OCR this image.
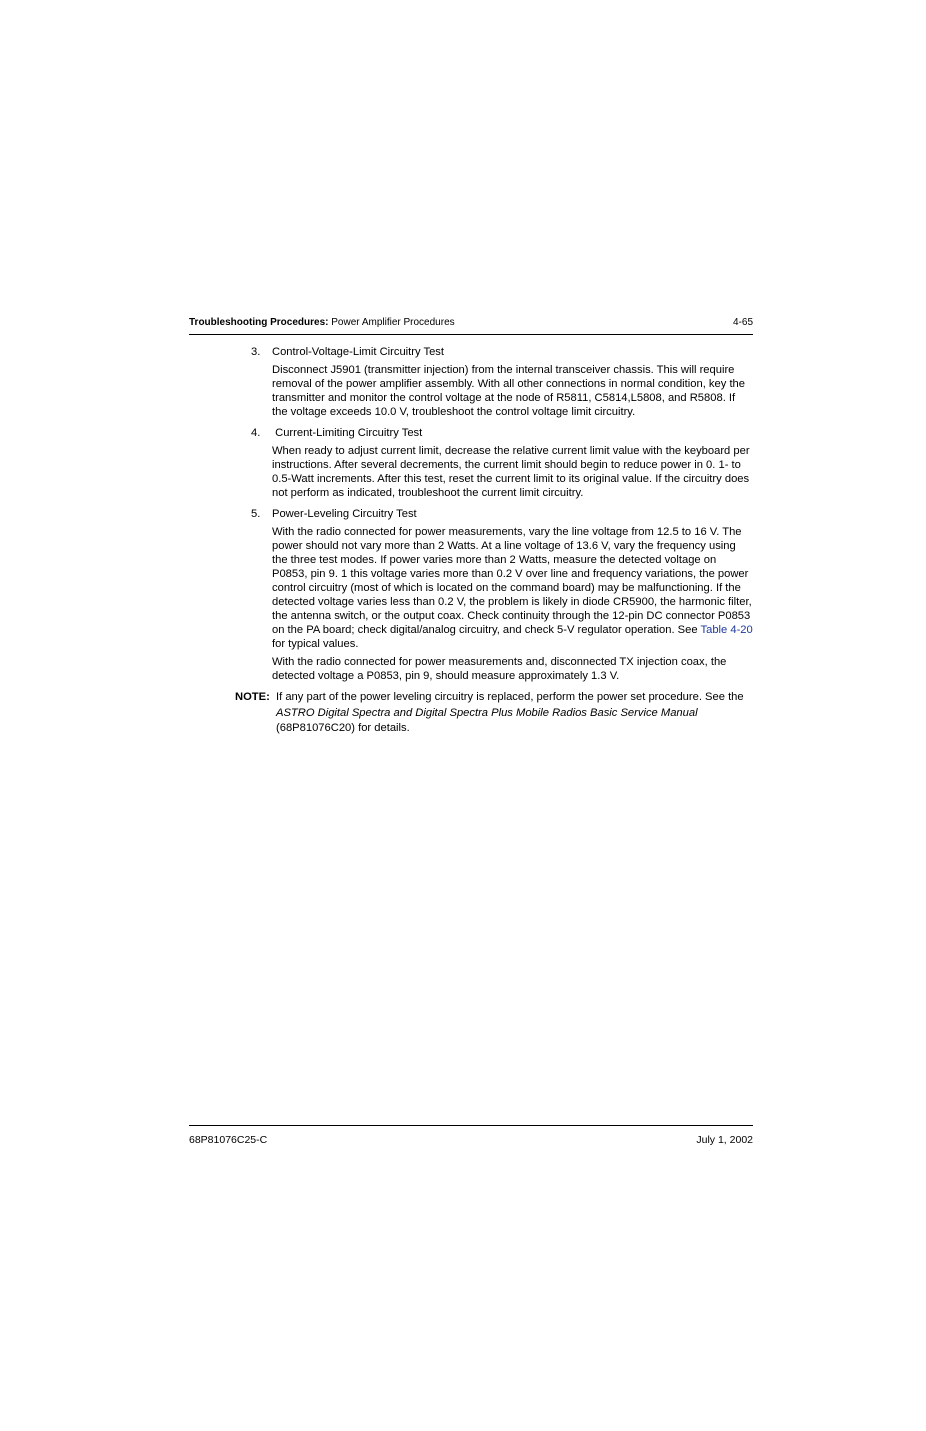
Troubleshooting Procedures: Power Amplifier Procedures	4-65
3. Control-Voltage-Limit Circuitry Test
Disconnect J5901 (transmitter injection) from the internal transceiver chassis. This will require removal of the power amplifier assembly. With all other connections in normal condition, key the transmitter and monitor the control voltage at the node of R5811, C5814,L5808, and R5808. If the voltage exceeds 10.0 V, troubleshoot the control voltage limit circuitry.
4. Current-Limiting Circuitry Test
When ready to adjust current limit, decrease the relative current limit value with the keyboard per instructions. After several decrements, the current limit should begin to reduce power in 0. 1- to 0.5-Watt increments. After this test, reset the current limit to its original value. If the circuitry does not perform as indicated, troubleshoot the current limit circuitry.
5. Power-Leveling Circuitry Test
With the radio connected for power measurements, vary the line voltage from 12.5 to 16 V. The power should not vary more than 2 Watts. At a line voltage of 13.6 V, vary the frequency using the three test modes. If power varies more than 2 Watts, measure the detected voltage on P0853, pin 9. 1 this voltage varies more than 0.2 V over line and frequency variations, the power control circuitry (most of which is located on the command board) may be malfunctioning. If the detected voltage varies less than 0.2 V, the problem is likely in diode CR5900, the harmonic filter, the antenna switch, or the output coax. Check continuity through the 12-pin DC connector P0853 on the PA board; check digital/analog circuitry, and check 5-V regulator operation. See Table 4-20 for typical values.
With the radio connected for power measurements and, disconnected TX injection coax, the detected voltage a P0853, pin 9, should measure approximately 1.3 V.
NOTE: If any part of the power leveling circuitry is replaced, perform the power set procedure. See the ASTRO Digital Spectra and Digital Spectra Plus Mobile Radios Basic Service Manual (68P81076C20) for details.
68P81076C25-C	July 1, 2002
